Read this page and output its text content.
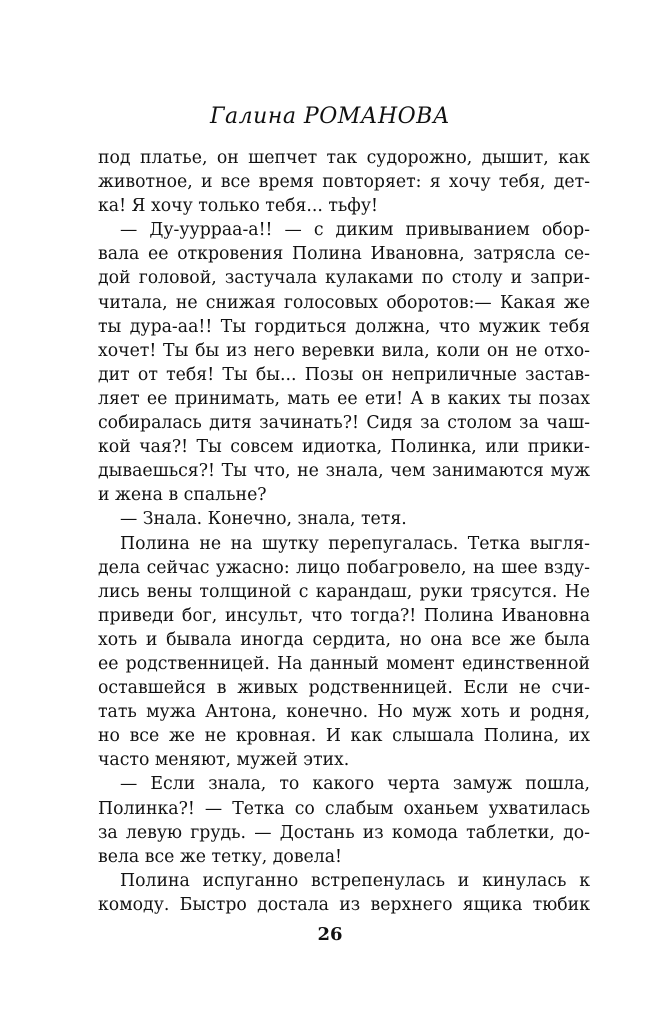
Галина РОМАНОВА
под платье, он шепчет так судорожно, дышит, как
животное, и все время повторяет: я хочу тебя, дет-
ка! Я хочу только тебя... тьфу!
— Ду-уурраа-а!! — с диким привыванием обор-
вала ее откровения Полина Ивановна, затрясла се-
дой головой, застучала кулаками по столу и запри-
читала, не снижая голосовых оборотов:— Какая же
ты дура-аа!! Ты гордиться должна, что мужик тебя
хочет! Ты бы из него веревки вила, коли он не отхо-
дит от тебя! Ты бы... Позы он неприличные застав-
ляет ее принимать, мать ее ети! А в каких ты позах
собиралась дитя зачинать?! Сидя за столом за чаш-
кой чая?! Ты совсем идиотка, Полинка, или прики-
дываешься?! Ты что, не знала, чем занимаются муж
и жена в спальне?
— Знала. Конечно, знала, тетя.
Полина не на шутку перепугалась. Тетка выгля-
дела сейчас ужасно: лицо побагровело, на шее взду-
лись вены толщиной с карандаш, руки трясутся. Не
приведи бог, инсульт, что тогда?! Полина Ивановна
хоть и бывала иногда сердита, но она все же была
ее родственницей. На данный момент единственной
оставшейся в живых родственницей. Если не счи-
тать мужа Антона, конечно. Но муж хоть и родня,
но все же не кровная. И как слышала Полина, их
часто меняют, мужей этих.
— Если знала, то какого черта замуж пошла,
Полинка?! — Тетка со слабым оханьем ухватилась
за левую грудь. — Достань из комода таблетки, до-
вела все же тетку, довела!
Полина испуганно встрепенулась и кинулась к
комоду. Быстро достала из верхнего ящика тюбик
26
